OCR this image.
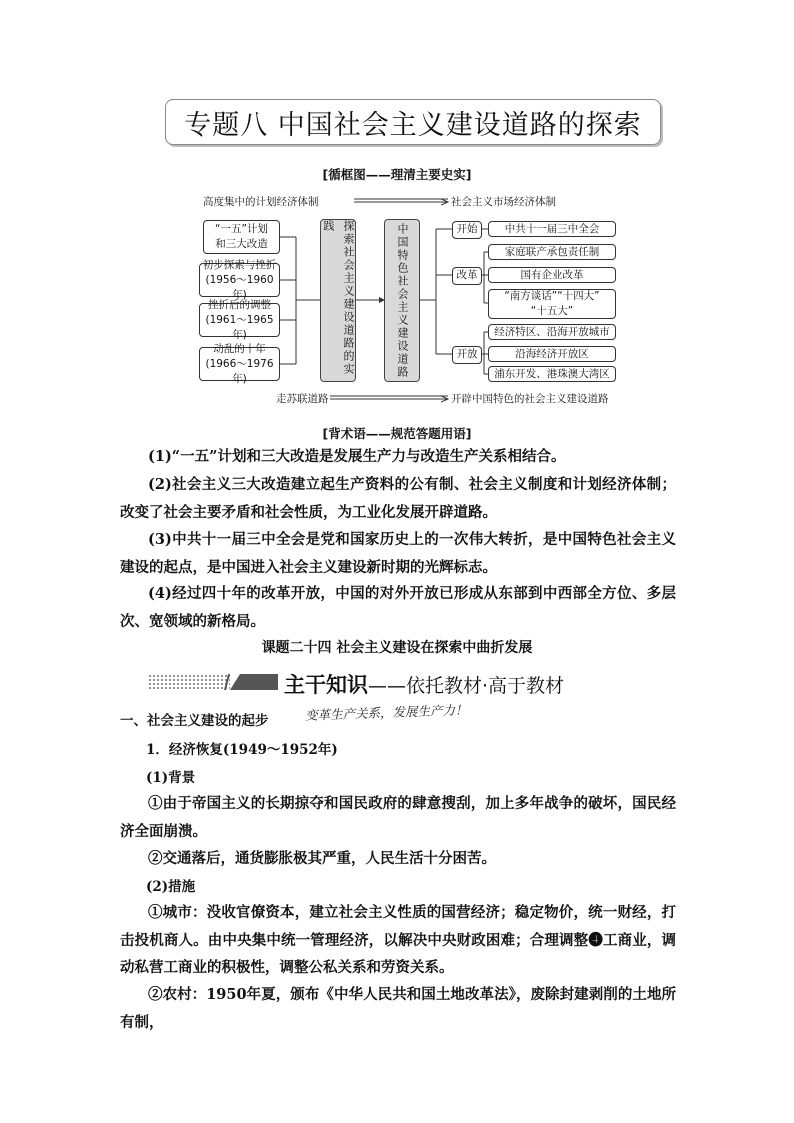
专题八 中国社会主义建设道路的探索
[循框图——理清主要史实]
高度集中的计划经济体制	社会主义市场经济体制
走苏联道路	开辟中国特色的社会主义建设道路
“一五”计划
和三大改造
初步探索与挫折
(1956～1960年)
挫折后的调整
(1961～1965年)
动乱的十年
(1966～1976年)
探索社会主义建设道路的实践	中国特色社会主义建设道路	开始
改革
开放
中共十一届三中全会
家庭联产承包责任制
国有企业改革
“南方谈话”“十四大”
“十五大”
经济特区、沿海开放城市
沿海经济开放区
浦东开发、港珠澳大湾区
[背术语——规范答题用语]
(1)“一五”计划和三大改造是发展生产力与改造生产关系相结合。
(2)社会主义三大改造建立起生产资料的公有制、社会主义制度和计划经济体制；改变了社会主要矛盾和社会性质，为工业化发展开辟道路。
(3)中共十一届三中全会是党和国家历史上的一次伟大转折，是中国特色社会主义建设的起点，是中国进入社会主义建设新时期的光辉标志。
(4)经过四十年的改革开放，中国的对外开放已形成从东部到中西部全方位、多层次、宽领域的新格局。
课题二十四 社会主义建设在探索中曲折发展
主干知识——依托教材·高于教材
一、社会主义建设的起步	变革生产关系，发展生产力！
1．经济恢复(1949～1952年)
(1)背景
①由于帝国主义的长期掠夺和国民政府的肆意搜刮，加上多年战争的破坏，国民经济全面崩溃。
②交通落后，通货膨胀极其严重，人民生活十分困苦。
(2)措施
①城市：没收官僚资本，建立社会主义性质的国营经济；稳定物价，统一财经，打击投机商人。由中央集中统一管理经济，以解决中央财政困难；合理调整❹工商业，调动私营工商业的积极性，调整公私关系和劳资关系。
②农村：1950年夏，颁布《中华人民共和国土地改革法》，废除封建剥削的土地所有制，
